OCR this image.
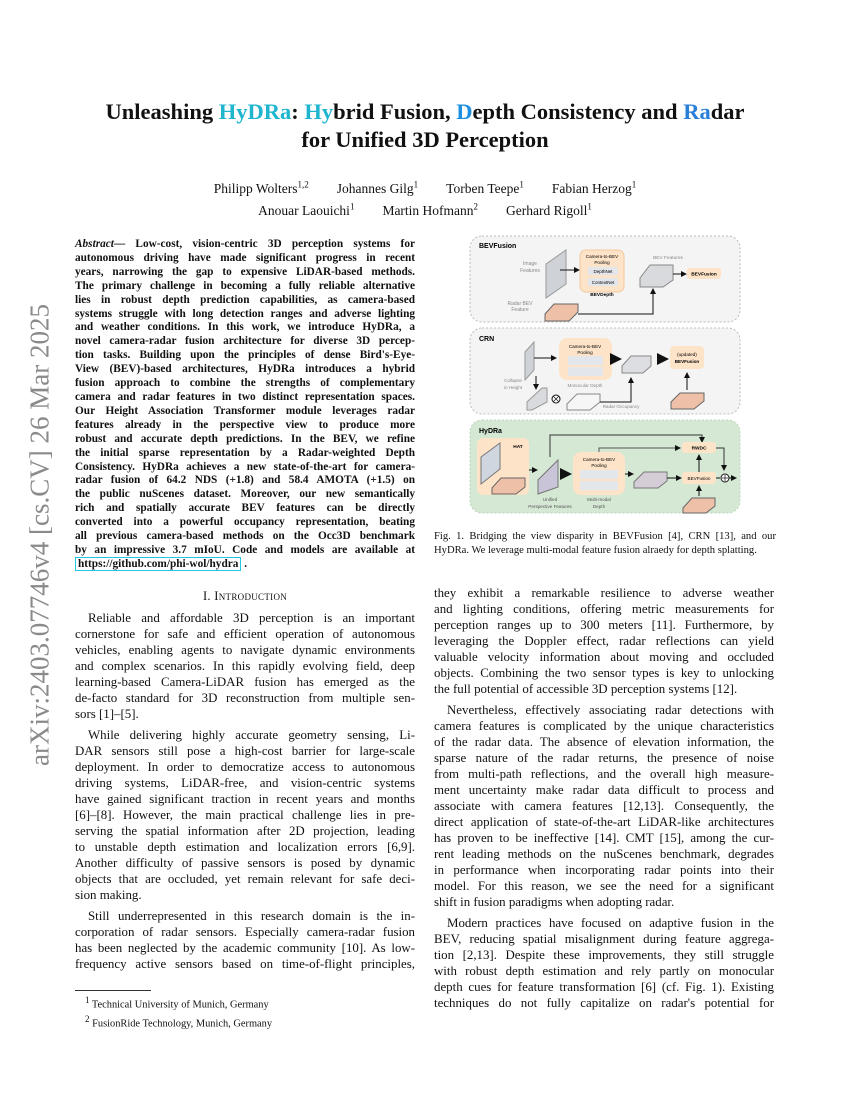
arXiv:2403.07746v4 [cs.CV] 26 Mar 2025
Unleashing HyDRa: Hybrid Fusion, Depth Consistency and Radar
for Unified 3D Perception
Philipp Wolters$^{1,2}$ Johannes Gilg$^1$ Torben Teepe$^1$ Fabian Herzog$^1$
Anouar Laouichi$^1$ Martin Hofmann$^2$ Gerhard Rigoll$^1$
Abstract— Low-cost, vision-centric 3D perception systems for
autonomous driving have made significant progress in recent
years, narrowing the gap to expensive LiDAR-based methods.
The primary challenge in becoming a fully reliable alternative
lies in robust depth prediction capabilities, as camera-based
systems struggle with long detection ranges and adverse lighting
and weather conditions. In this work, we introduce HyDRa, a
novel camera-radar fusion architecture for diverse 3D percep-
tion tasks. Building upon the principles of dense Bird's-Eye-
View (BEV)-based architectures, HyDRa introduces a hybrid
fusion approach to combine the strengths of complementary
camera and radar features in two distinct representation spaces.
Our Height Association Transformer module leverages radar
features already in the perspective view to produce more
robust and accurate depth predictions. In the BEV, we refine
the initial sparse representation by a Radar-weighted Depth
Consistency. HyDRa achieves a new state-of-the-art for camera-
radar fusion of 64.2 NDS (+1.8) and 58.4 AMOTA (+1.5) on
the public nuScenes dataset. Moreover, our new semantically
rich and spatially accurate BEV features can be directly
converted into a powerful occupancy representation, beating
all previous camera-based methods on the Occ3D benchmark
by an impressive 3.7 mIoU. Code and models are available at
https://github.com/phi-wol/hydra .
I. Introduction
Reliable and affordable 3D perception is an important
cornerstone for safe and efficient operation of autonomous
vehicles, enabling agents to navigate dynamic environments
and complex scenarios. In this rapidly evolving field, deep
learning-based Camera-LiDAR fusion has emerged as the
de-facto standard for 3D reconstruction from multiple sen-
sors [1]–[5].
While delivering highly accurate geometry sensing, Li-
DAR sensors still pose a high-cost barrier for large-scale
deployment. In order to democratize access to autonomous
driving systems, LiDAR-free, and vision-centric systems
have gained significant traction in recent years and months
[6]–[8]. However, the main practical challenge lies in pre-
serving the spatial information after 2D projection, leading
to unstable depth estimation and localization errors [6,9].
Another difficulty of passive sensors is posed by dynamic
objects that are occluded, yet remain relevant for safe deci-
sion making.
Still underrepresented in this research domain is the in-
corporation of radar sensors. Especially camera-radar fusion
has been neglected by the academic community [10]. As low-
frequency active sensors based on time-of-flight principles,
they exhibit a remarkable resilience to adverse weather
and lighting conditions, offering metric measurements for
perception ranges up to 300 meters [11]. Furthermore, by
leveraging the Doppler effect, radar reflections can yield
valuable velocity information about moving and occluded
objects. Combining the two sensor types is key to unlocking
the full potential of accessible 3D perception systems [12].
Nevertheless, effectively associating radar detections with
camera features is complicated by the unique characteristics
of the radar data. The absence of elevation information, the
sparse nature of the radar returns, the presence of noise
from multi-path reflections, and the overall high measure-
ment uncertainty make radar data difficult to process and
associate with camera features [12,13]. Consequently, the
direct application of state-of-the-art LiDAR-like architectures
has proven to be ineffective [14]. CMT [15], among the cur-
rent leading methods on the nuScenes benchmark, degrades
in performance when incorporating radar points into their
model. For this reason, we see the need for a significant
shift in fusion paradigms when adopting radar.
Modern practices have focused on adaptive fusion in the
BEV, reducing spatial misalignment during feature aggrega-
tion [2,13]. Despite these improvements, they still struggle
with robust depth estimation and rely partly on monocular
depth cues for feature transformation [6] (cf. Fig. 1). Existing
techniques do not fully capitalize on radar's potential for
BEVFusion
Image
Features
Camera-to-BEV
Pooling
DepthNet
ContextNet
BEVDepth
BEV Features
BEVFusion
Radar BEV
Feature
CRN
Camera-to-BEV
Pooling
Monocular Depth
Collapse
in Height
Radar Occupancy
(updated)
BEVFusion
HyDRa
HAT
Unified
Perspective Features
Camera-to-BEV
Pooling
Multi-modal
Depth
RWDC
BEVFusion
Fig. 1. Bridging the view disparity in BEVFusion [4], CRN [13], and our
HyDRa. We leverage multi-modal feature fusion alraedy for depth splatting.
$^1$ Technical University of Munich, Germany
$^2$ FusionRide Technology, Munich, Germany
